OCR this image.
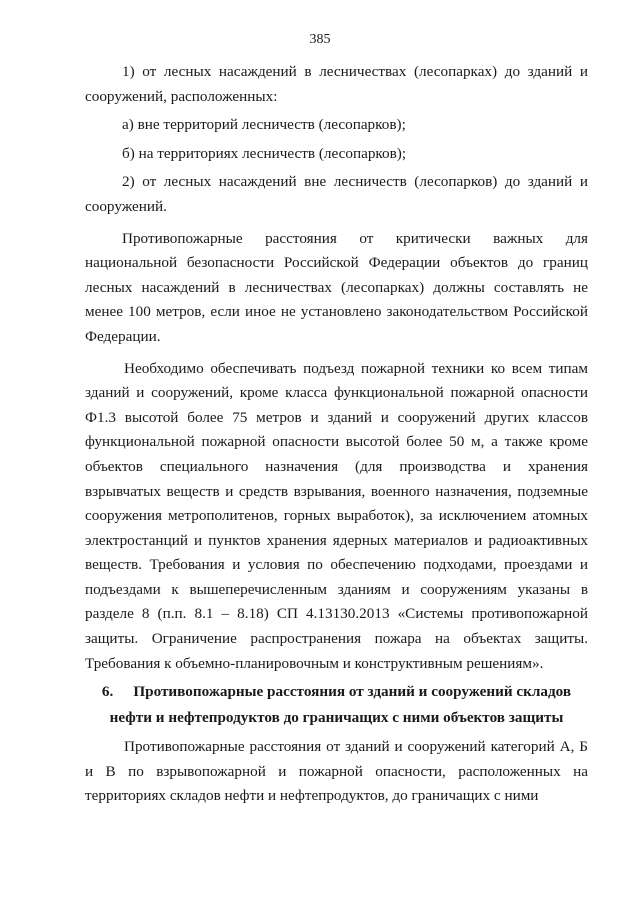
385

1) от лесных насаждений в лесничествах (лесопарках) до зданий и сооружений, расположенных:

а) вне территорий лесничеств (лесопарков);

б) на территориях лесничеств (лесопарков);

2) от лесных насаждений вне лесничеств (лесопарков) до зданий и сооружений.

Противопожарные расстояния от критически важных для национальной безопасности Российской Федерации объектов до границ лесных насаждений в лесничествах (лесопарках) должны составлять не менее 100 метров, если иное не установлено законодательством Российской Федерации.

Необходимо обеспечивать подъезд пожарной техники ко всем типам зданий и сооружений, кроме класса функциональной пожарной опасности Ф1.3 высотой более 75 метров и зданий и сооружений других классов функциональной пожарной опасности высотой более 50 м, а также кроме объектов специального назначения (для производства и хранения взрывчатых веществ и средств взрывания, военного назначения, подземные сооружения метрополитенов, горных выработок), за исключением атомных электростанций и пунктов хранения ядерных материалов и радиоактивных веществ. Требования и условия по обеспечению подходами, проездами и подъездами к вышеперечисленным зданиям и сооружениям указаны в разделе 8 (п.п. 8.1 – 8.18) СП 4.13130.2013 «Системы противопожарной защиты. Ограничение распространения пожара на объектах защиты. Требования к объемно-планировочным и конструктивным решениям».

6. Противопожарные расстояния от зданий и сооружений складов нефти и нефтепродуктов до граничащих с ними объектов защиты

Противопожарные расстояния от зданий и сооружений категорий А, Б и В по взрывопожарной и пожарной опасности, расположенных на территориях складов нефти и нефтепродуктов, до граничащих с ними
